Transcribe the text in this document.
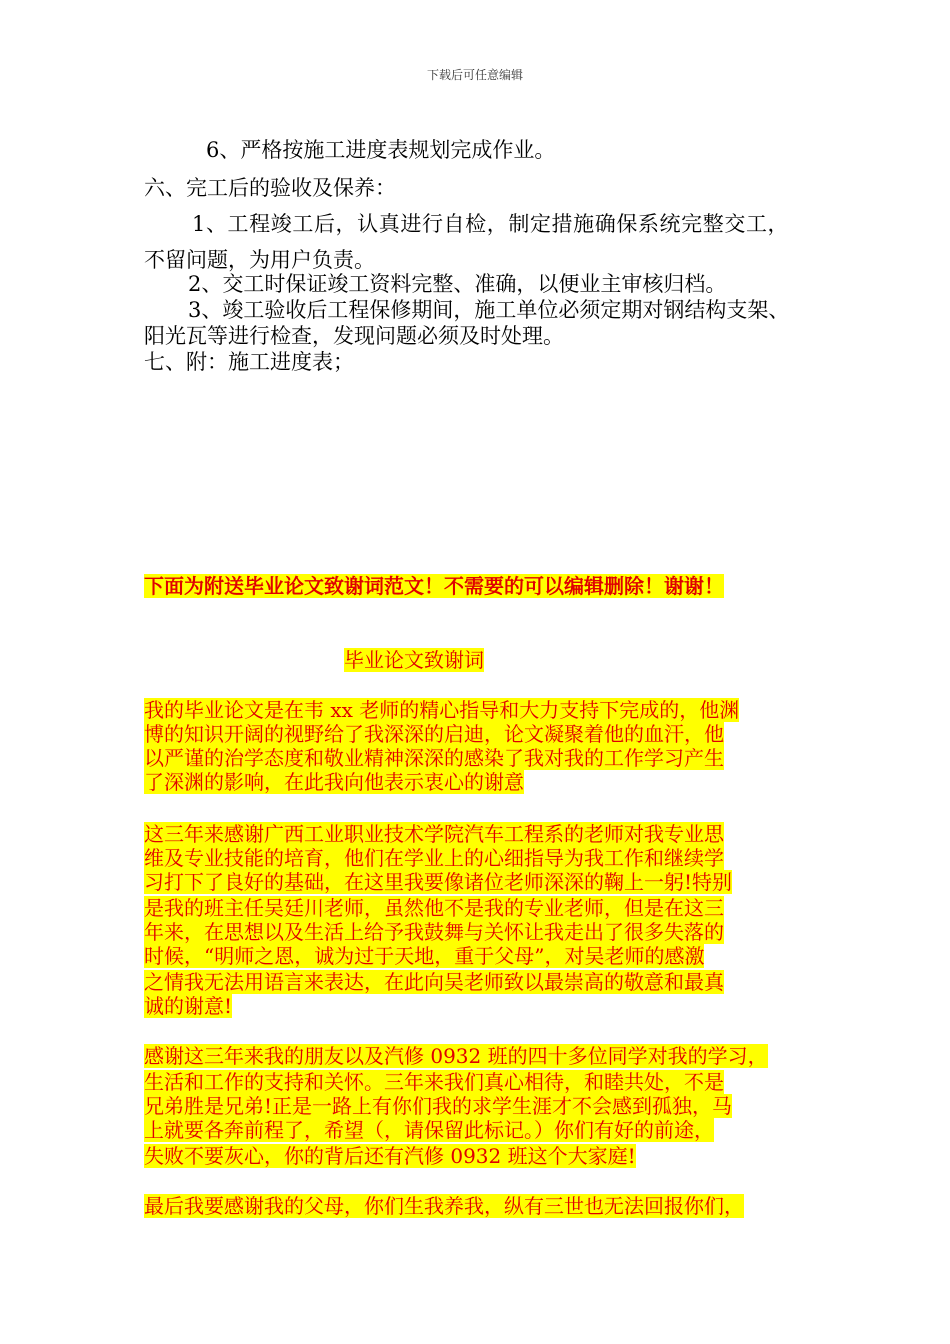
下载后可任意编辑
6、严格按施工进度表规划完成作业。
六、完工后的验收及保养：
1、工程竣工后，认真进行自检，制定措施确保系统完整交工，
不留问题，为用户负责。
2、交工时保证竣工资料完整、准确，以便业主审核归档。
3、竣工验收后工程保修期间，施工单位必须定期对钢结构支架、
阳光瓦等进行检查，发现问题必须及时处理。
七、附：施工进度表；
下面为附送毕业论文致谢词范文！不需要的可以编辑删除！谢谢！
毕业论文致谢词
我的毕业论文是在韦 xx 老师的精心指导和大力支持下完成的，他渊
博的知识开阔的视野给了我深深的启迪，论文凝聚着他的血汗，他
以严谨的治学态度和敬业精神深深的感染了我对我的工作学习产生
了深渊的影响，在此我向他表示衷心的谢意
这三年来感谢广西工业职业技术学院汽车工程系的老师对我专业思
维及专业技能的培育，他们在学业上的心细指导为我工作和继续学
习打下了良好的基础，在这里我要像诸位老师深深的鞠上一躬!特别
是我的班主任吴廷川老师，虽然他不是我的专业老师，但是在这三
年来，在思想以及生活上给予我鼓舞与关怀让我走出了很多失落的
时候，“明师之恩，诚为过于天地，重于父母”，对吴老师的感激
之情我无法用语言来表达，在此向吴老师致以最崇高的敬意和最真
诚的谢意!
感谢这三年来我的朋友以及汽修 0932 班的四十多位同学对我的学习，
生活和工作的支持和关怀。三年来我们真心相待，和睦共处，不是
兄弟胜是兄弟!正是一路上有你们我的求学生涯才不会感到孤独，马
上就要各奔前程了，希望（，请保留此标记。）你们有好的前途，
失败不要灰心，你的背后还有汽修 0932 班这个大家庭!
最后我要感谢我的父母，你们生我养我，纵有三世也无法回报你们，
